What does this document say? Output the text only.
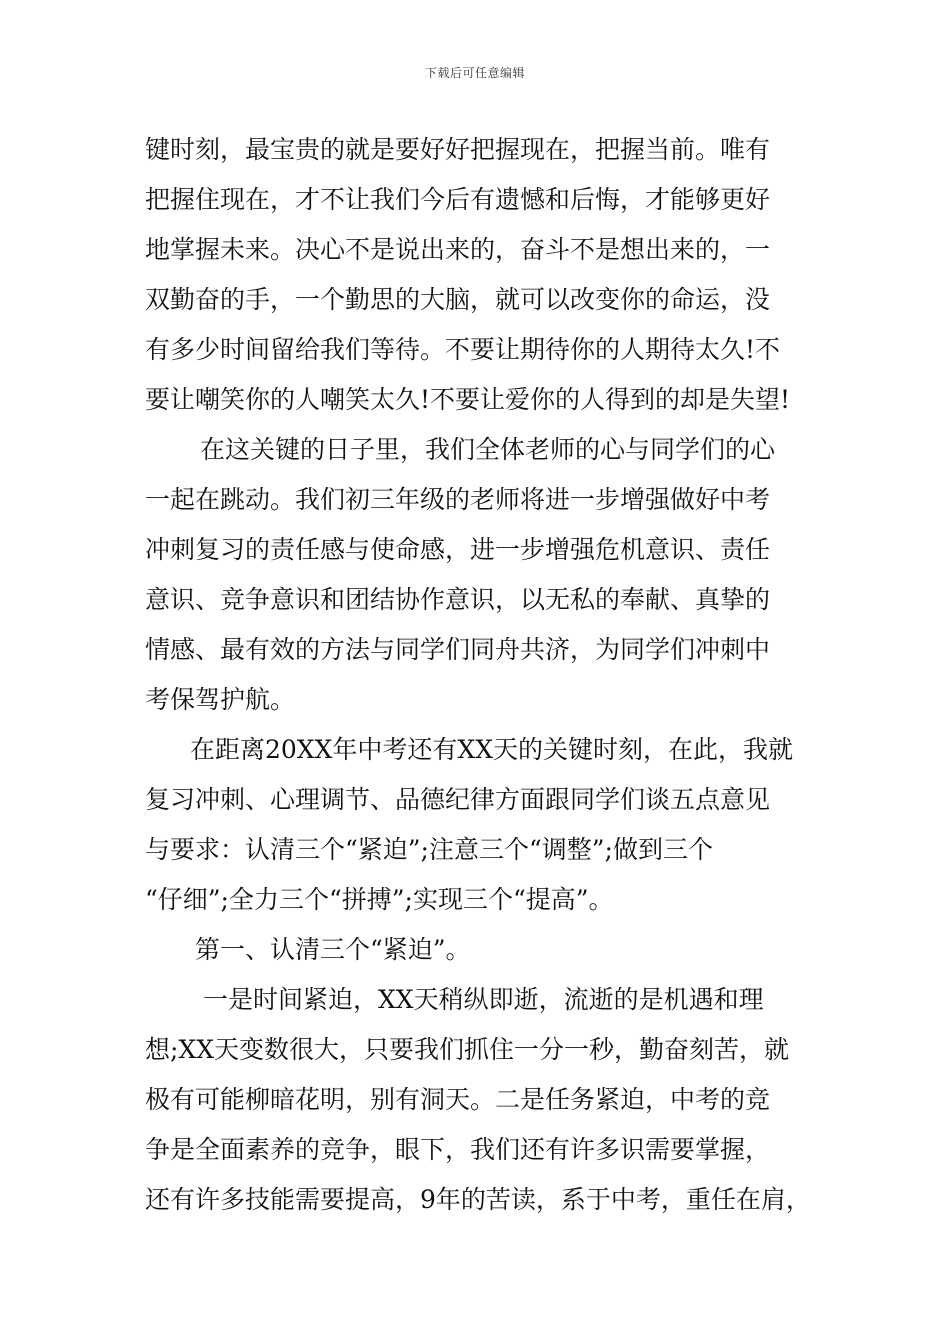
下载后可任意编辑
键时刻，最宝贵的就是要好好把握现在，把握当前。唯有
把握住现在，才不让我们今后有遗憾和后悔，才能够更好
地掌握未来。决心不是说出来的，奋斗不是想出来的，一
双勤奋的手，一个勤思的大脑，就可以改变你的命运，没
有多少时间留给我们等待。不要让期待你的人期待太久!不
要让嘲笑你的人嘲笑太久!不要让爱你的人得到的却是失望!
在这关键的日子里，我们全体老师的心与同学们的心
一起在跳动。我们初三年级的老师将进一步增强做好中考
冲刺复习的责任感与使命感，进一步增强危机意识、责任
意识、竞争意识和团结协作意识，以无私的奉献、真挚的
情感、最有效的方法与同学们同舟共济，为同学们冲刺中
考保驾护航。
在距离20XX年中考还有XX天的关键时刻，在此，我就
复习冲刺、心理调节、品德纪律方面跟同学们谈五点意见
与要求：认清三个“紧迫”;注意三个“调整”;做到三个
“仔细”;全力三个“拼搏”;实现三个“提高”。
第一、认清三个“紧迫”。
一是时间紧迫，XX天稍纵即逝，流逝的是机遇和理
想;XX天变数很大，只要我们抓住一分一秒，勤奋刻苦，就
极有可能柳暗花明，别有洞天。二是任务紧迫，中考的竞
争是全面素养的竞争，眼下，我们还有许多识需要掌握，
还有许多技能需要提高，9年的苦读，系于中考，重任在肩，
